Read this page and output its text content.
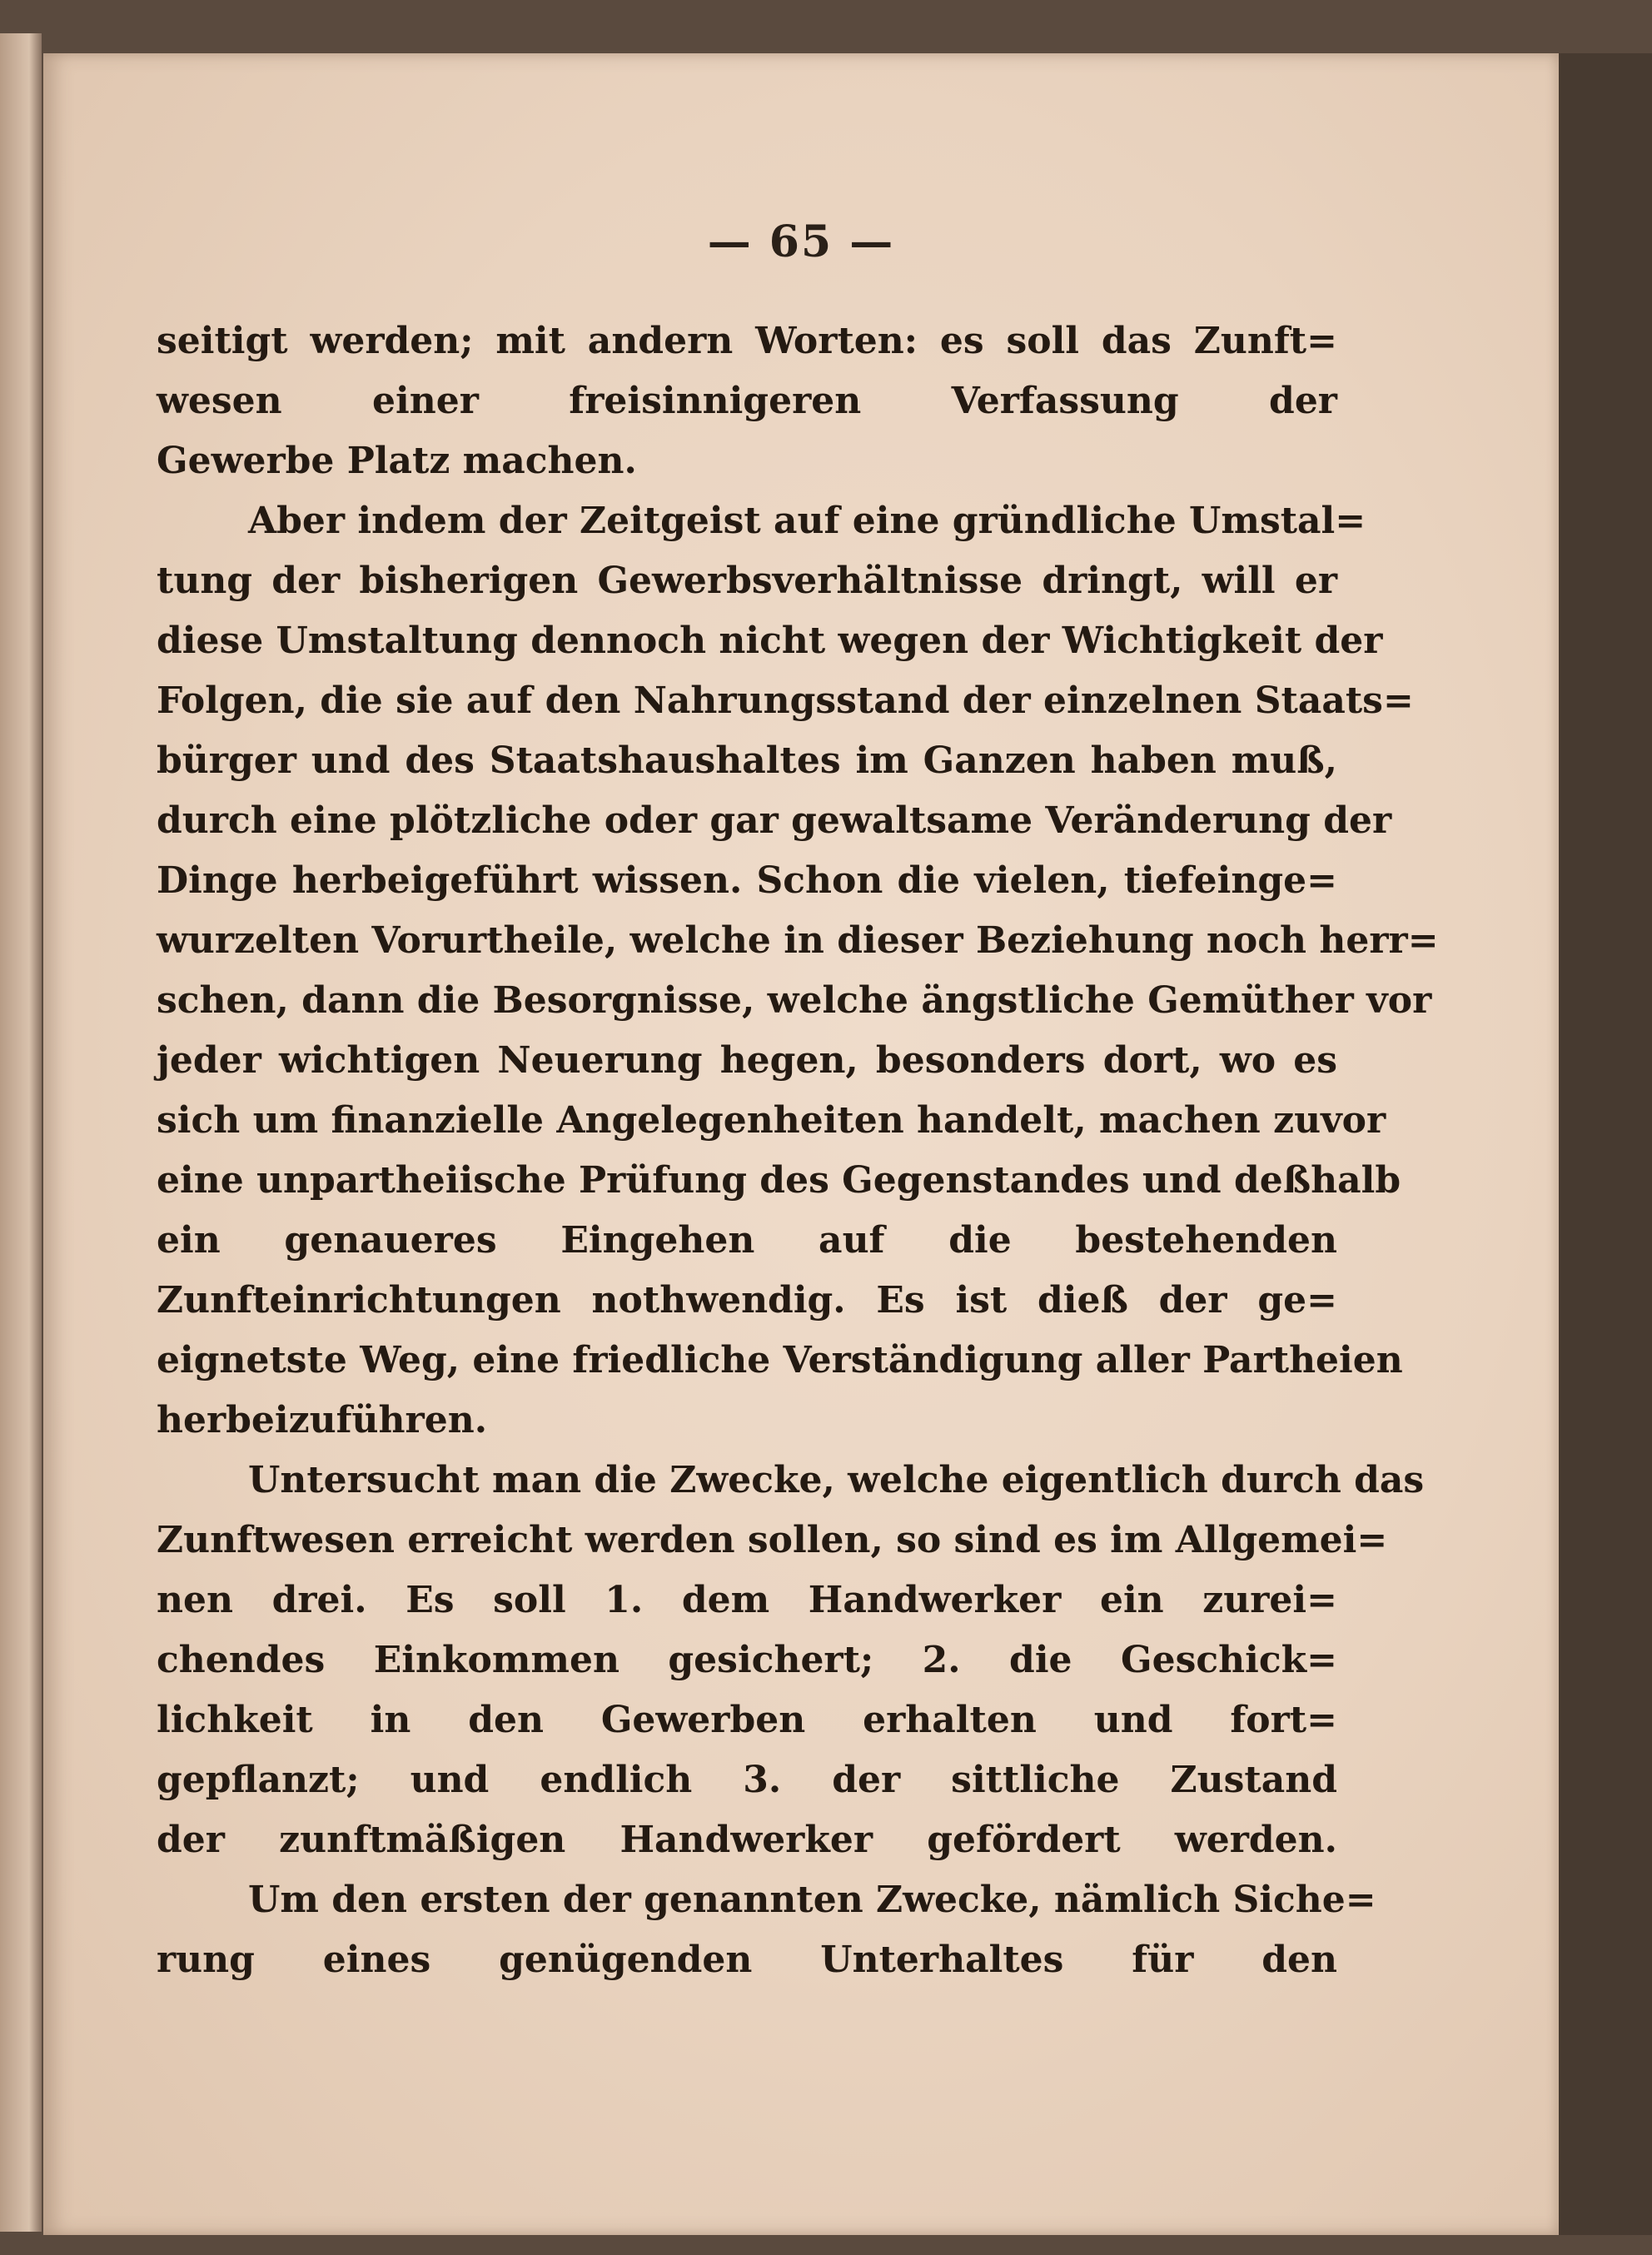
— 65 —
seitigt werden; mit andern Worten: es soll das Zunft=
wesen einer freisinnigeren Verfassung der
Gewerbe Platz machen.
Aber indem der Zeitgeist auf eine gründliche Umstal=
tung der bisherigen Gewerbsverhältnisse dringt, will er
diese Umstaltung dennoch nicht wegen der Wichtigkeit der
Folgen, die sie auf den Nahrungsstand der einzelnen Staats=
bürger und des Staatshaushaltes im Ganzen haben muß,
durch eine plötzliche oder gar gewaltsame Veränderung der
Dinge herbeigeführt wissen. Schon die vielen, tiefeinge=
wurzelten Vorurtheile, welche in dieser Beziehung noch herr=
schen, dann die Besorgnisse, welche ängstliche Gemüther vor
jeder wichtigen Neuerung hegen, besonders dort, wo es
sich um finanzielle Angelegenheiten handelt, machen zuvor
eine unpartheiische Prüfung des Gegenstandes und deßhalb
ein genaueres Eingehen auf die bestehenden
Zunfteinrichtungen nothwendig. Es ist dieß der ge=
eignetste Weg, eine friedliche Verständigung aller Partheien
herbeizuführen.
Untersucht man die Zwecke, welche eigentlich durch das
Zunftwesen erreicht werden sollen, so sind es im Allgemei=
nen drei. Es soll 1. dem Handwerker ein zurei=
chendes Einkommen gesichert; 2. die Geschick=
lichkeit in den Gewerben erhalten und fort=
gepflanzt; und endlich 3. der sittliche Zustand
der zunftmäßigen Handwerker gefördert werden.
Um den ersten der genannten Zwecke, nämlich Siche=
rung eines genügenden Unterhaltes für den
